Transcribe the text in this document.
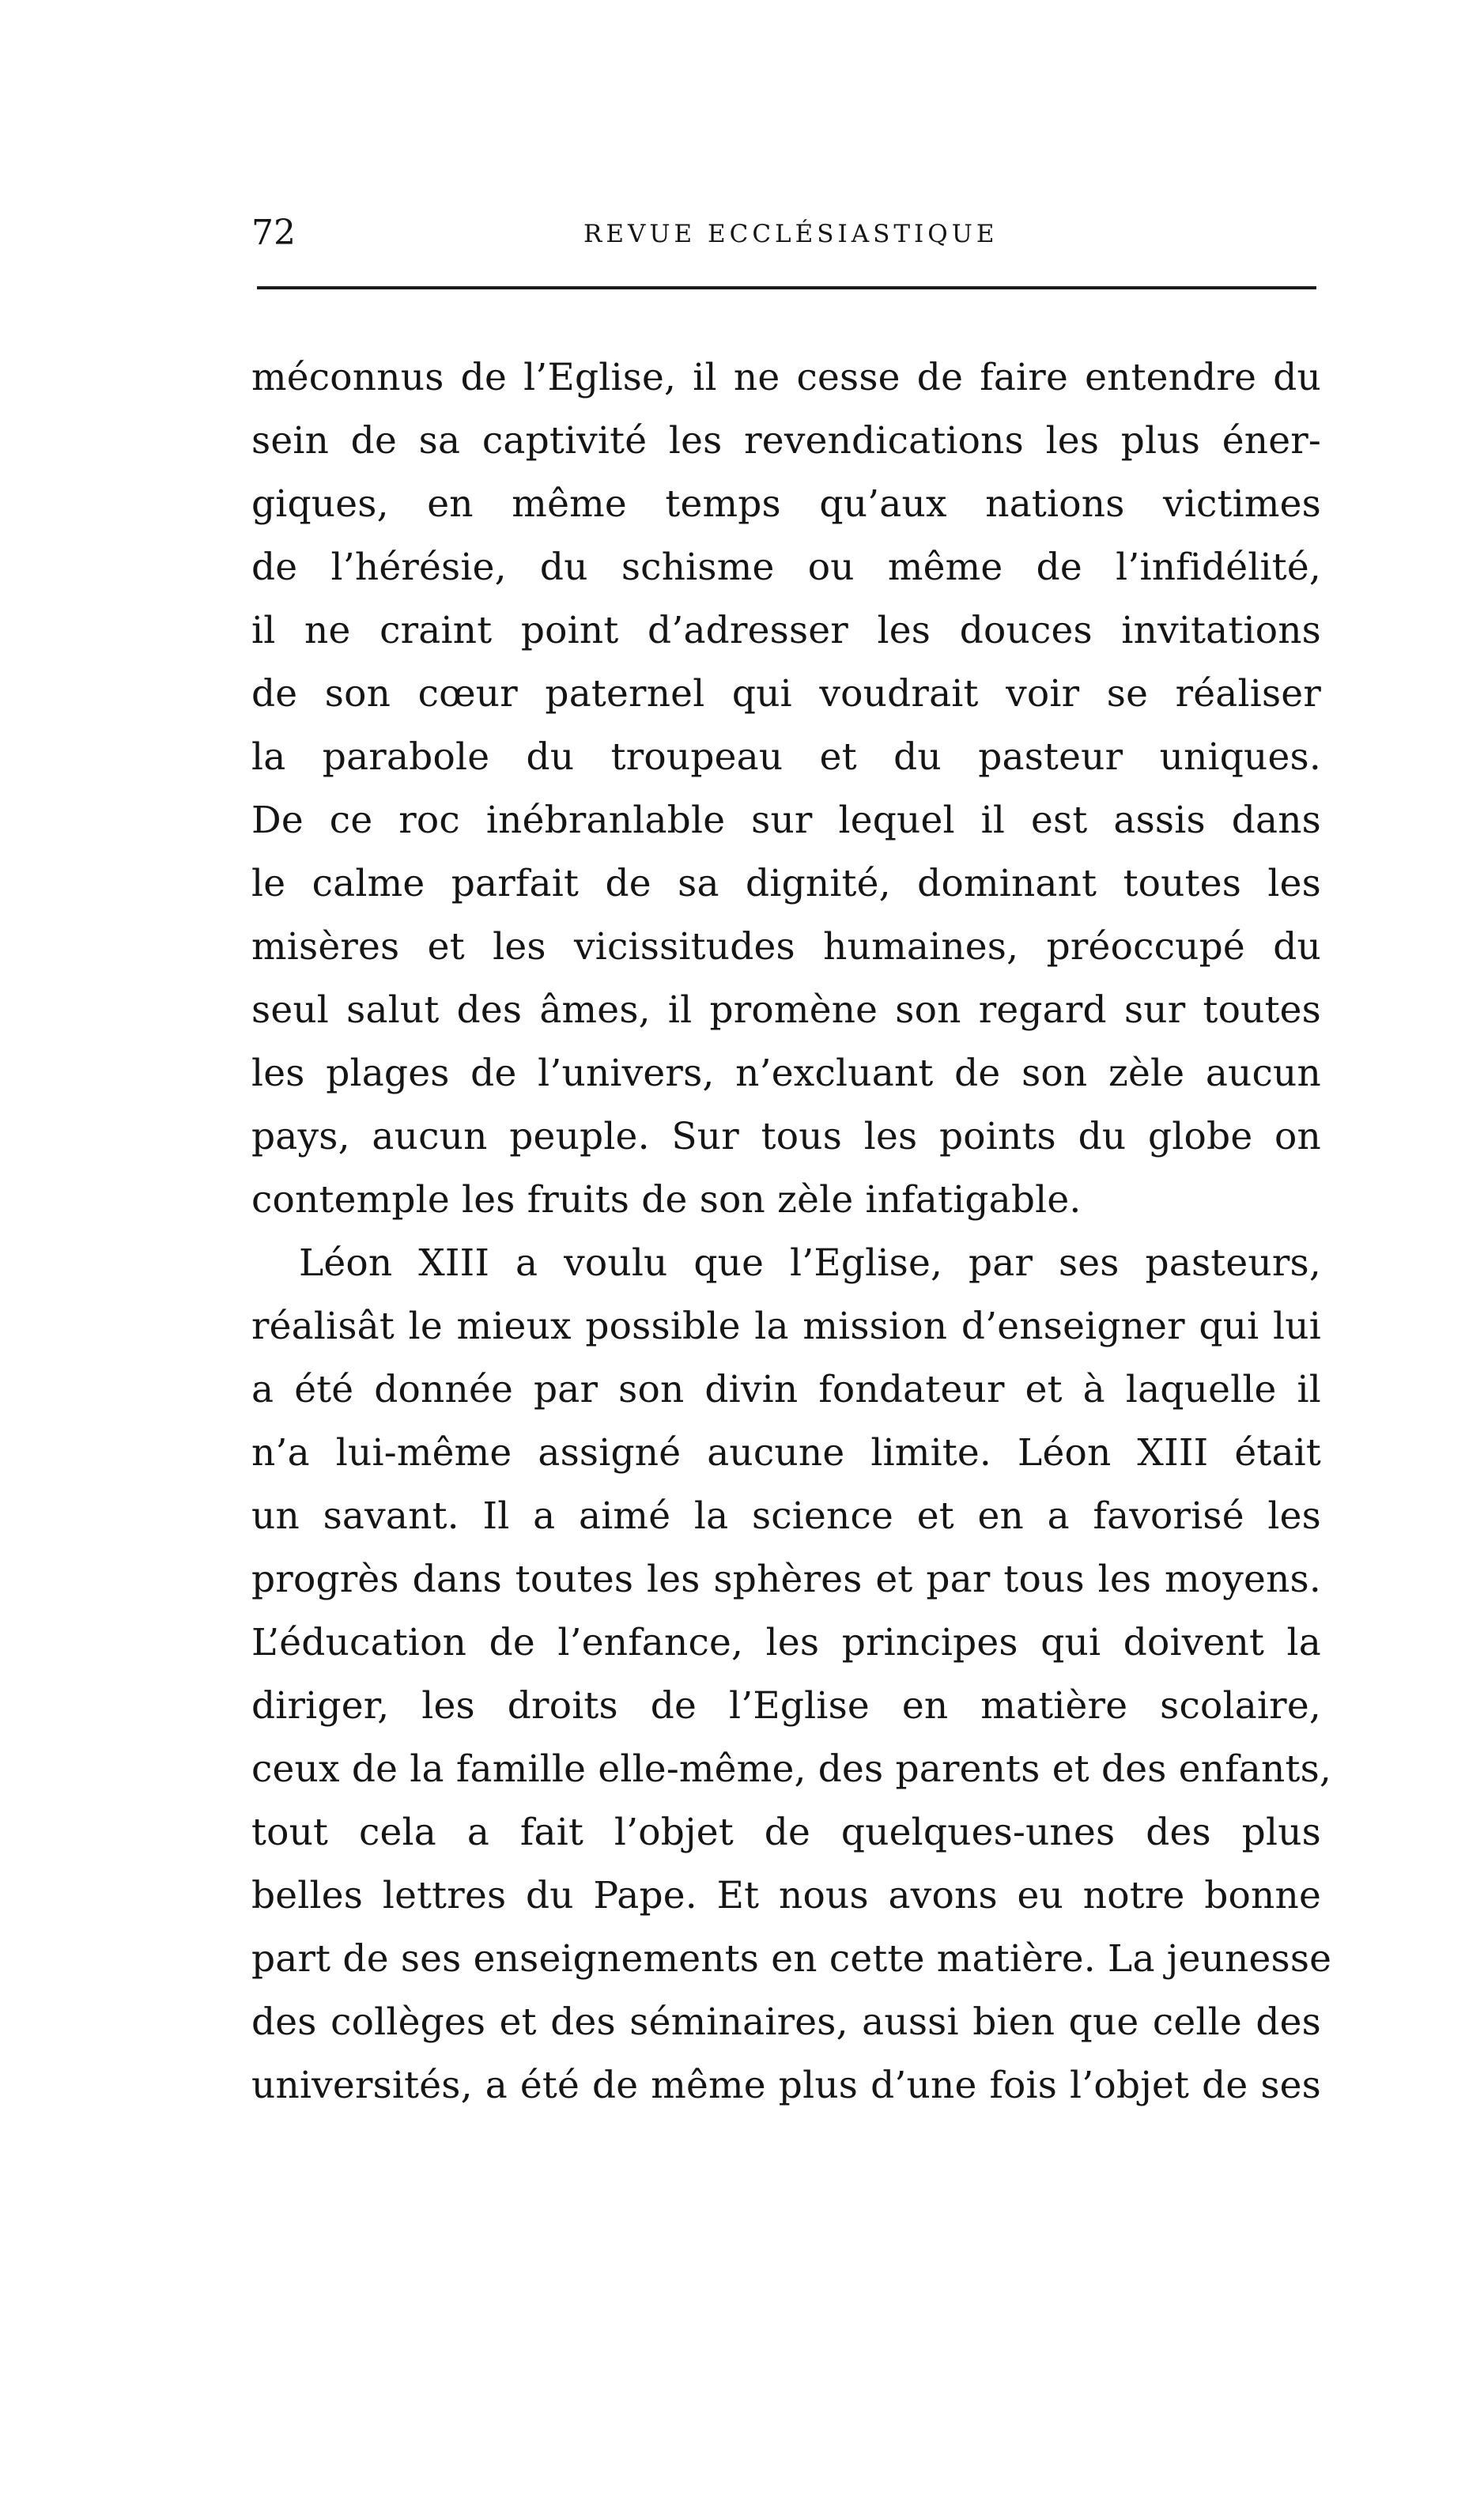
72	REVUE ECCLÉSIASTIQUE
méconnus de l’Eglise, il ne cesse de faire entendre du
sein de sa captivité les revendications les plus éner-
giques, en même temps qu’aux nations victimes
de l’hérésie, du schisme ou même de l’infidélité,
il ne craint point d’adresser les douces invitations
de son cœur paternel qui voudrait voir se réaliser
la parabole du troupeau et du pasteur uniques.
De ce roc inébranlable sur lequel il est assis dans
le calme parfait de sa dignité, dominant toutes les
misères et les vicissitudes humaines, préoccupé du
seul salut des âmes, il promène son regard sur toutes
les plages de l’univers, n’excluant de son zèle aucun
pays, aucun peuple. Sur tous les points du globe on
contemple les fruits de son zèle infatigable.
Léon XIII a voulu que l’Eglise, par ses pasteurs,
réalisât le mieux possible la mission d’enseigner qui lui
a été donnée par son divin fondateur et à laquelle il
n’a lui-même assigné aucune limite. Léon XIII était
un savant. Il a aimé la science et en a favorisé les
progrès dans toutes les sphères et par tous les moyens.
L’éducation de l’enfance, les principes qui doivent la
diriger, les droits de l’Eglise en matière scolaire,
ceux de la famille elle-même, des parents et des enfants,
tout cela a fait l’objet de quelques-unes des plus
belles lettres du Pape. Et nous avons eu notre bonne
part de ses enseignements en cette matière. La jeunesse
des collèges et des séminaires, aussi bien que celle des
universités, a été de même plus d’une fois l’objet de ses
